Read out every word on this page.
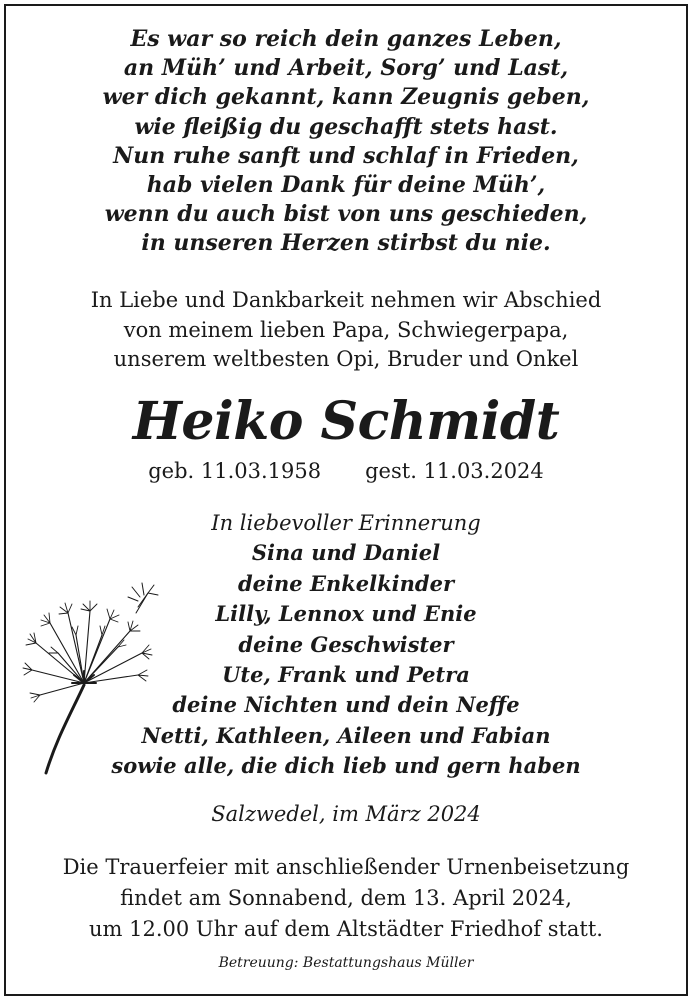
Es war so reich dein ganzes Leben,
an Müh’ und Arbeit, Sorg’ und Last,
wer dich gekannt, kann Zeugnis geben,
wie fleißig du geschafft stets hast.
Nun ruhe sanft und schlaf in Frieden,
hab vielen Dank für deine Müh’,
wenn du auch bist von uns geschieden,
in unseren Herzen stirbst du nie.
In Liebe und Dankbarkeit nehmen wir Abschied
von meinem lieben Papa, Schwiegerpapa,
unserem weltbesten Opi, Bruder und Onkel
Heiko Schmidt
geb. 11.03.1958 gest. 11.03.2024
In liebevoller Erinnerung
Sina und Daniel
deine Enkelkinder
Lilly, Lennox und Enie
deine Geschwister
Ute, Frank und Petra
deine Nichten und dein Neffe
Netti, Kathleen, Aileen und Fabian
sowie alle, die dich lieb und gern haben
Salzwedel, im März 2024
Die Trauerfeier mit anschließender Urnenbeisetzung
findet am Sonnabend, dem 13. April 2024,
um 12.00 Uhr auf dem Altstädter Friedhof statt.
Betreuung: Bestattungshaus Müller
